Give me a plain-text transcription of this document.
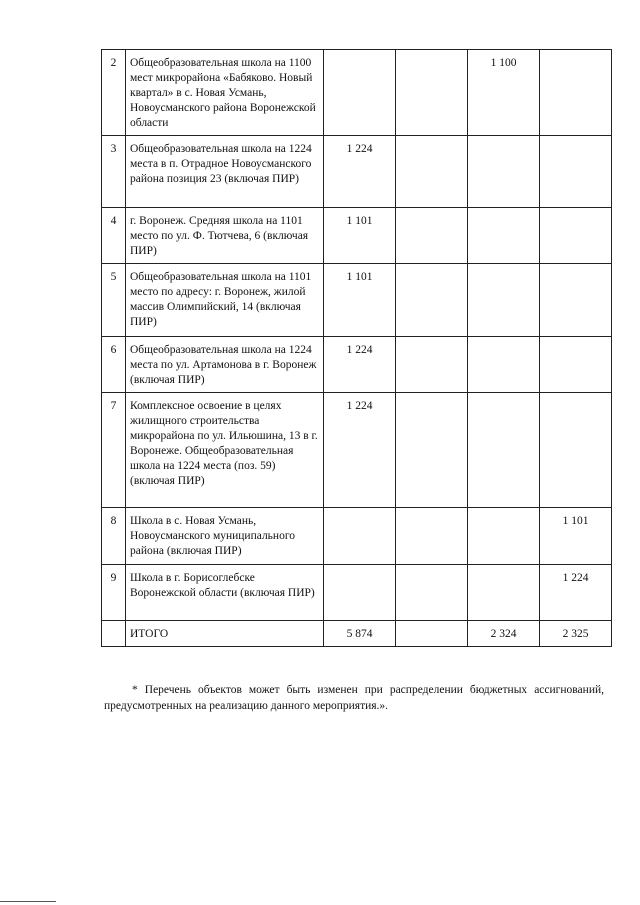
2	Общеобразовательная школа на 1100 мест микрорайона «Бабяково. Новый квартал» в с. Новая Усмань, Новоусманского района Воронежской области			1 100	
3	Общеобразовательная школа на 1224 места в п. Отрадное Новоусманского района позиция 23 (включая ПИР)	1 224			
4	г. Воронеж. Средняя школа на 1101 место по ул. Ф. Тютчева, 6 (включая ПИР)	1 101			
5	Общеобразовательная школа на 1101 место по адресу: г. Воронеж, жилой массив Олимпийский, 14 (включая ПИР)	1 101			
6	Общеобразовательная школа на 1224 места по ул. Артамонова в г. Воронеж (включая ПИР)	1 224			
7	Комплексное освоение в целях жилищного строительства микрорайона по ул. Ильюшина, 13 в г. Воронеже. Общеобразовательная школа на 1224 места (поз. 59) (включая ПИР)	1 224			
8	Школа в с. Новая Усмань, Новоусманского муниципального района (включая ПИР)				1 101
9	Школа в г. Борисоглебске Воронежской области (включая ПИР)				1 224
	ИТОГО	5 874		2 324	2 325

* Перечень объектов может быть изменен при распределении бюджетных ассигнований, предусмотренных на реализацию данного мероприятия.».
